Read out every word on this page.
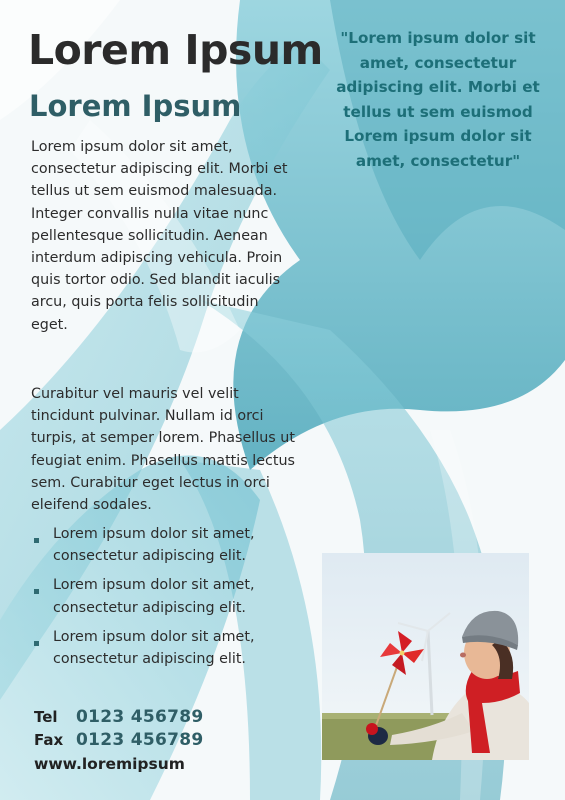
Lorem Ipsum
Lorem Ipsum
"Lorem ipsum dolor sit amet, consectetur adipiscing elit. Morbi et tellus ut sem euismod Lorem ipsum dolor sit amet, consectetur"

Lorem ipsum dolor sit amet, consectetur adipiscing elit. Morbi et tellus ut sem euismod malesuada. Integer convallis nulla vitae nunc pellentesque sollicitudin. Aenean interdum adipiscing vehicula. Proin quis tortor odio. Sed blandit iaculis arcu, quis porta felis sollicitudin eget.

Curabitur vel mauris vel velit tincidunt pulvinar. Nullam id orci turpis, at semper lorem. Phasellus ut feugiat enim. Phasellus mattis lectus sem. Curabitur eget lectus in orci eleifend sodales.

Lorem ipsum dolor sit amet, consectetur adipiscing elit.
Lorem ipsum dolor sit amet, consectetur adipiscing elit.
Lorem ipsum dolor sit amet, consectetur adipiscing elit.
Tel 0123 456789
Fax 0123 456789
www.loremipsum
